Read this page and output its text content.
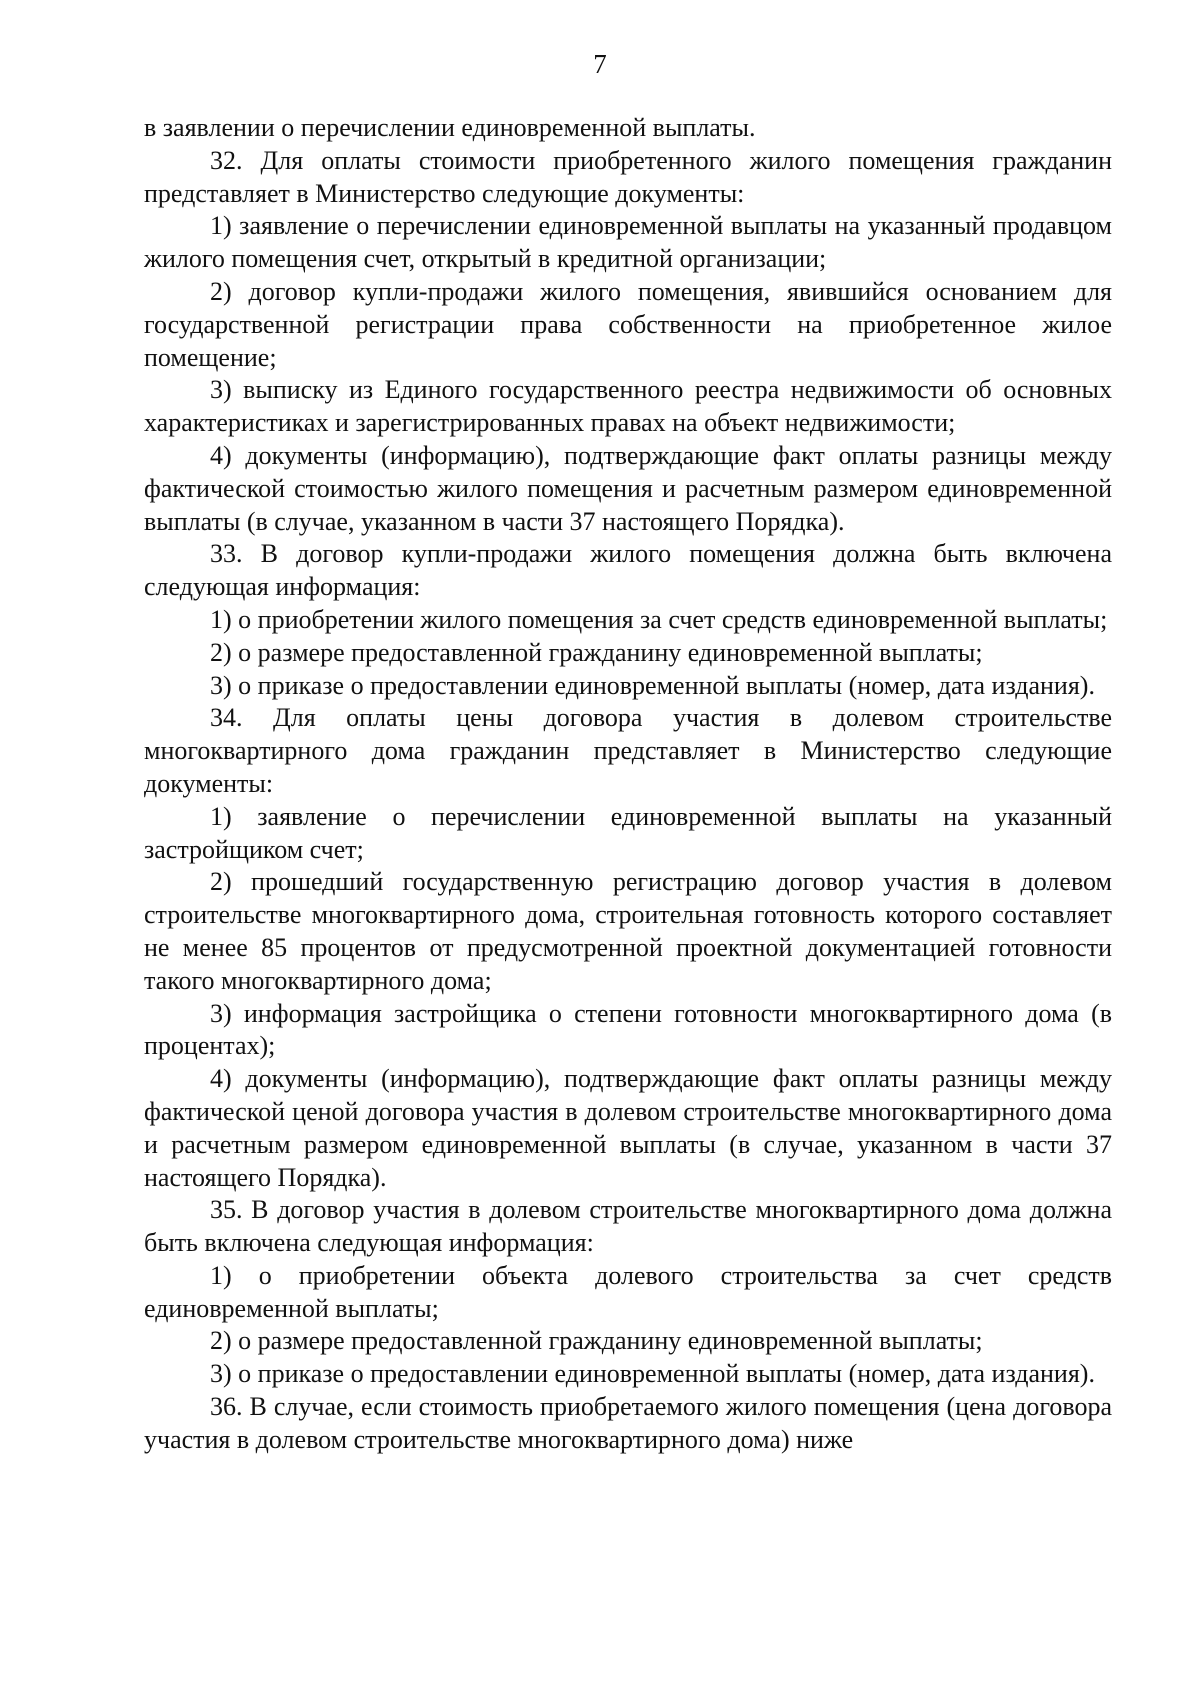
7

в заявлении о перечислении единовременной выплаты.

32. Для оплаты стоимости приобретенного жилого помещения гражданин представляет в Министерство следующие документы:

1) заявление о перечислении единовременной выплаты на указанный продавцом жилого помещения счет, открытый в кредитной организации;

2) договор купли-продажи жилого помещения, явившийся основанием для государственной регистрации права собственности на приобретенное жилое помещение;

3) выписку из Единого государственного реестра недвижимости об основных характеристиках и зарегистрированных правах на объект недвижимости;

4) документы (информацию), подтверждающие факт оплаты разницы между фактической стоимостью жилого помещения и расчетным размером единовременной выплаты (в случае, указанном в части 37 настоящего Порядка).

33. В договор купли-продажи жилого помещения должна быть включена следующая информация:

1) о приобретении жилого помещения за счет средств единовременной выплаты;

2) о размере предоставленной гражданину единовременной выплаты;

3) о приказе о предоставлении единовременной выплаты (номер, дата издания).

34. Для оплаты цены договора участия в долевом строительстве многоквартирного дома гражданин представляет в Министерство следующие документы:

1) заявление о перечислении единовременной выплаты на указанный застройщиком счет;

2) прошедший государственную регистрацию договор участия в долевом строительстве многоквартирного дома, строительная готовность которого составляет не менее 85 процентов от предусмотренной проектной документацией готовности такого многоквартирного дома;

3) информация застройщика о степени готовности многоквартирного дома (в процентах);

4) документы (информацию), подтверждающие факт оплаты разницы между фактической ценой договора участия в долевом строительстве многоквартирного дома и расчетным размером единовременной выплаты (в случае, указанном в части 37 настоящего Порядка).

35. В договор участия в долевом строительстве многоквартирного дома должна быть включена следующая информация:

1) о приобретении объекта долевого строительства за счет средств единовременной выплаты;

2) о размере предоставленной гражданину единовременной выплаты;

3) о приказе о предоставлении единовременной выплаты (номер, дата издания).

36. В случае, если стоимость приобретаемого жилого помещения (цена договора участия в долевом строительстве многоквартирного дома) ниже
